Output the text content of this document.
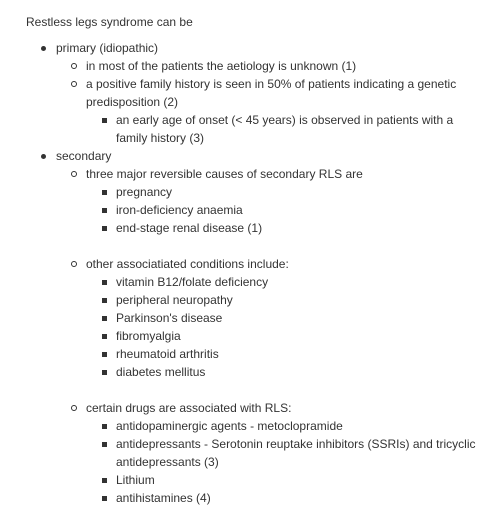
Restless legs syndrome can be
primary (idiopathic)
in most of the patients the aetiology is unknown (1)
a positive family history is seen in 50% of patients indicating a genetic predisposition (2)
an early age of onset (< 45 years) is observed in patients with a family history (3)
secondary
three major reversible causes of secondary RLS are
pregnancy
iron-deficiency anaemia
end-stage renal disease (1)
other associatiated conditions include:
vitamin B12/folate deficiency
peripheral neuropathy
Parkinson's disease
fibromyalgia
rheumatoid arthritis
diabetes mellitus
certain drugs are associated with RLS:
antidopaminergic agents - metoclopramide
antidepressants - Serotonin reuptake inhibitors (SSRIs) and tricyclic antidepressants (3)
Lithium
antihistamines (4)
